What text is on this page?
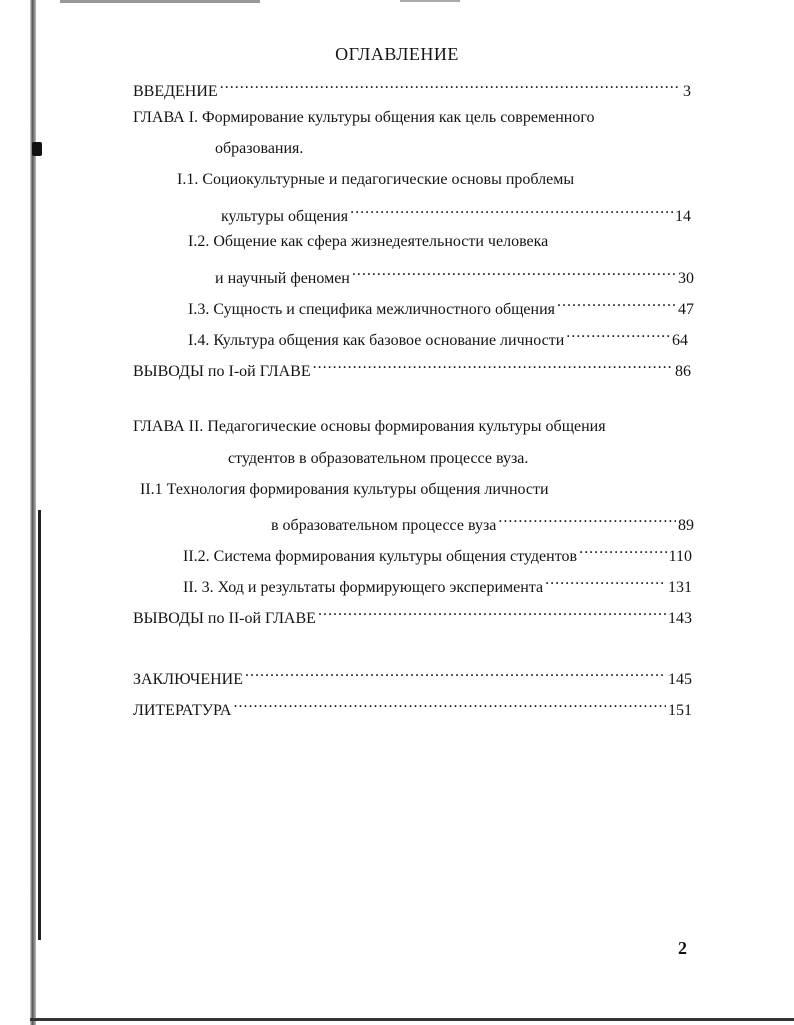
ОГЛАВЛЕНИЕ
ВВЕДЕНИЕ .....	3
ГЛАВА I. Формирование культуры общения как цель современного
образования.
I.1. Социокультурные и педагогические основы проблемы
культуры общения .....	14
I.2. Общение как сфера жизнедеятельности человека
и научный феномен .....	30
I.3. Сущность и специфика межличностного общения .....	47
I.4. Культура общения как базовое основание личности .....	64
ВЫВОДЫ по I-ой ГЛАВЕ .....	86
ГЛАВА II. Педагогические основы формирования культуры общения
студентов в образовательном процессе вуза.
II.1 Технология формирования культуры общения личности
в образовательном процессе вуза .....	89
II.2. Система формирования культуры общения студентов .....	110
II. 3. Ход и результаты формирующего эксперимента .....	131
ВЫВОДЫ по II-ой ГЛАВЕ .....	143
ЗАКЛЮЧЕНИЕ .....	145
ЛИТЕРАТУРА .....	151
2
